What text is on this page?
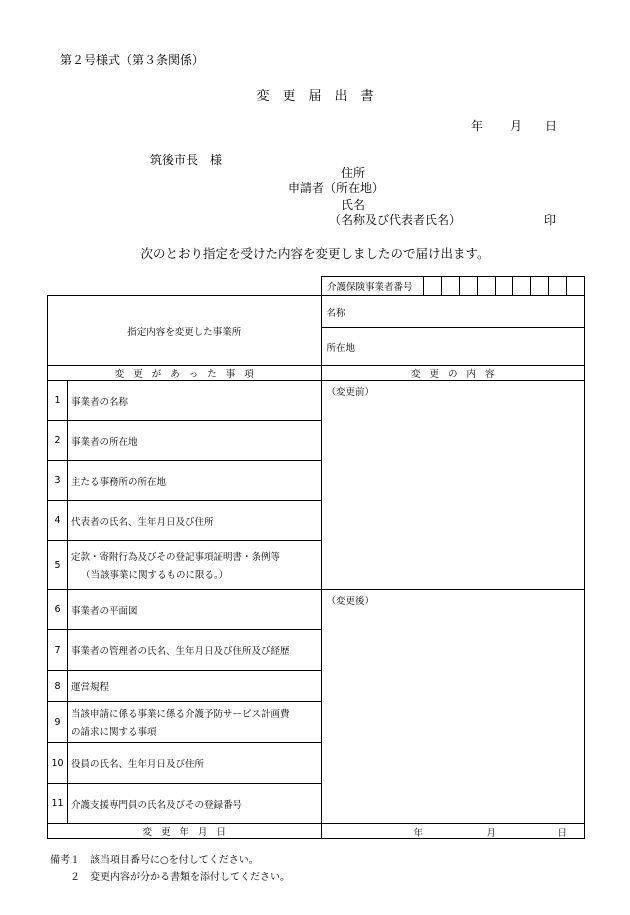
第２号様式（第３条関係）
変更届出書
年 月 日
筑後市長　様
住所
申請者（所在地）
氏名
（名称及び代表者氏名）	印
次のとおり指定を受けた内容を変更しましたので届け出ます。
介護保険事業者番号									
指定内容を変更した事業所		名称
		所在地
変更があった事項		変更の内容
1	事業者の名称	（変更前）
2	事業者の所在地	
3	主たる事務所の所在地	
4	代表者の氏名、生年月日及び住所	
5	定款・寄附行為及びその登記事項証明書・条例等
（当該事業に関するものに限る。）	

6	事業者の平面図	（変更後）
7	事業者の管理者の氏名、生年月日及び住所及び経歴	
8	運営規程	
9	当該申請に係る事業に係る介護予防サービス計画費
の請求に関する事項	

10	役員の氏名、生年月日及び住所	
11	介護支援専門員の氏名及びその登録番号	
変更年月日		年 月 日
備考１　該当項目番号に○を付してください。
　　２　変更内容が分かる書類を添付してください。
